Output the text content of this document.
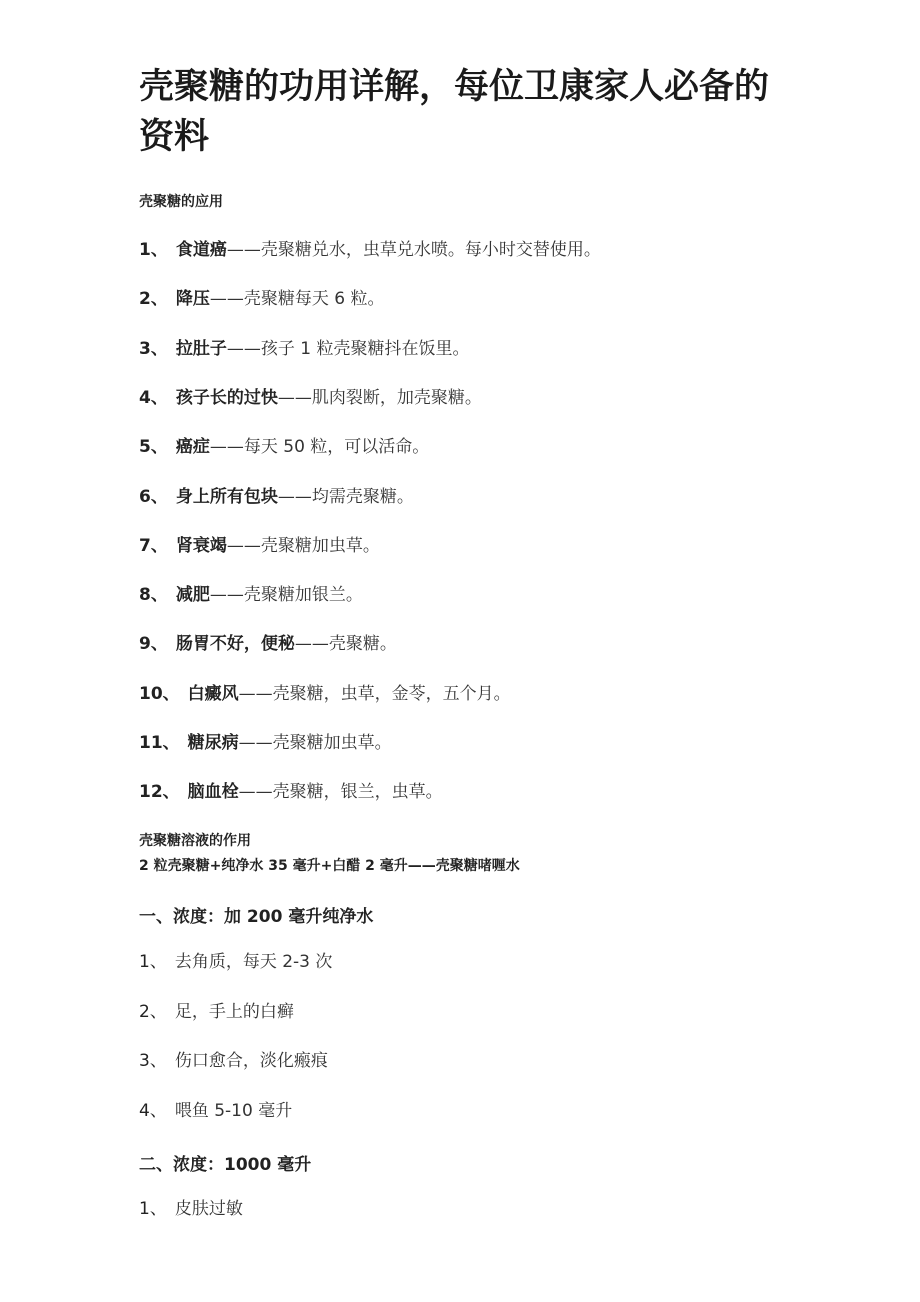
壳聚糖的功用详解，每位卫康家人必备的资料
壳聚糖的应用
1、 食道癌——壳聚糖兑水，虫草兑水喷。每小时交替使用。
2、 降压——壳聚糖每天 6 粒。
3、 拉肚子——孩子 1 粒壳聚糖抖在饭里。
4、 孩子长的过快——肌肉裂断，加壳聚糖。
5、 癌症——每天 50 粒，可以活命。
6、 身上所有包块——均需壳聚糖。
7、 肾衰竭——壳聚糖加虫草。
8、 减肥——壳聚糖加银兰。
9、 肠胃不好，便秘——壳聚糖。
10、 白癜风——壳聚糖，虫草，金苓，五个月。
11、 糖尿病——壳聚糖加虫草。
12、 脑血栓——壳聚糖，银兰，虫草。
壳聚糖溶液的作用
2 粒壳聚糖+纯净水 35 毫升+白醋 2 毫升——壳聚糖啫喱水
一、浓度：加 200 毫升纯净水
1、 去角质，每天 2-3 次
2、 足，手上的白癣
3、 伤口愈合，淡化瘢痕
4、 喂鱼 5-10 毫升
二、浓度：1000 毫升
1、 皮肤过敏
